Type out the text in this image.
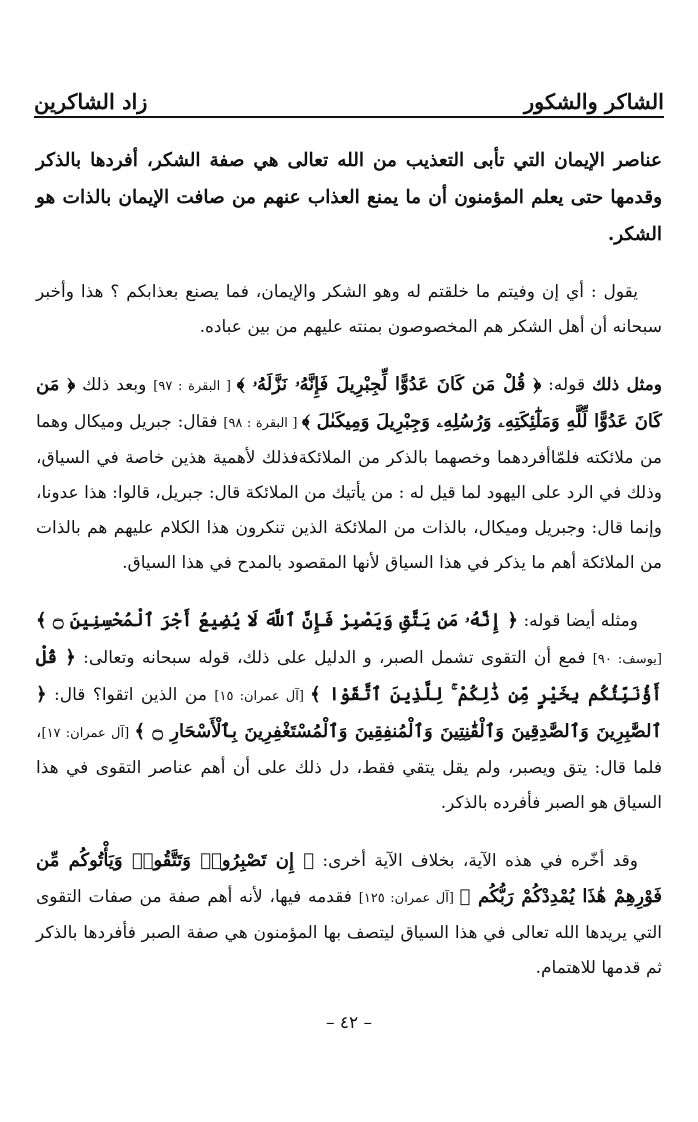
الشاكر والشكور
زاد الشاكرين

عناصر الإيمان التي تأبى التعذيب من الله تعالى هي صفة الشكر، أفردها بالذكر وقدمها حتى يعلم المؤمنون أن ما يمنع العذاب عنهم من صافت الإيمان بالذات هو الشكر.

يقول : أي إن وفيتم ما خلقتم له وهو الشكر والإيمان، فما يصنع بعذابكم ؟ هذا وأخبر سبحانه أن أهل الشكر هم المخصوصون بمنته عليهم من بين عباده.

ومثل ذلك قوله: ﴿ قُلْ مَن كَانَ عَدُوًّا لِّجِبْرِيلَ فَإِنَّهُۥ نَزَّلَهُۥ ﴾ [ البقرة : ٩٧] وبعد ذلك ﴿ مَن كَانَ عَدُوًّا لِّلَّهِ وَمَلَٰٓئِكَتِهِۦ وَرُسُلِهِۦ وَجِبْرِيلَ وَمِيكَىٰلَ ﴾ [ البقرة : ٩٨] فقال: جبريل وميكال وهما من ملائكته فلمّاأفردهما وخصهما بالذكر من الملائكةفذلك لأهمية هذين خاصة في السياق، وذلك في الرد على اليهود لما قيل له : من يأتيك من الملائكة قال: جبريل، قالوا: هذا عدونا، وإنما قال: وجبريل وميكال، بالذات من الملائكة الذين تنكرون هذا الكلام عليهم هم بالذات من الملائكة أهم ما يذكر في هذا السياق لأنها المقصود بالمدح في هذا السياق.

ومثله أيضا قوله: ﴿ إِنَّهُۥ مَن يَتَّقِ وَيَصْبِرْ فَإِنَّ ٱللَّهَ لَا يُضِيعُ أَجْرَ ٱلْمُحْسِنِينَ ۝ ﴾ [يوسف: ٩٠] فمع أن التقوى تشمل الصبر، و الدليل على ذلك، قوله سبحانه وتعالى: ﴿ قُلْ أَؤُنَبِّئُكُم بِخَيْرٍ مِّن ذَٰلِكُمْ ۚ لِلَّذِينَ ٱتَّقَوْا ﴾ [آل عمران: ١٥] من الذين اتقوا؟ قال: ﴿ ٱلصَّٰبِرِينَ وَٱلصَّٰدِقِينَ وَٱلْقَٰنِتِينَ وَٱلْمُنفِقِينَ وَٱلْمُسْتَغْفِرِينَ بِٱلْأَسْحَارِ ۝ ﴾ [آل عمران: ١٧]، فلما قال: يتق ويصبر، ولم يقل يتقي فقط، دل ذلك على أن أهم عناصر التقوى في هذا السياق هو الصبر فأفرده بالذكر.

وقد أخّره في هذه الآية، بخلاف الآية أخرى: ﴿ إِن تَصْبِرُوا۟ وَتَتَّقُوا۟ وَيَأْتُوكُم مِّن فَوْرِهِمْ هَٰذَا يُمْدِدْكُمْ رَبُّكُم ﴾ [آل عمران: ١٢٥] فقدمه فيها، لأنه أهم صفة من صفات التقوى التي يريدها الله تعالى في هذا السياق ليتصف بها المؤمنون هي صفة الصبر فأفردها بالذكر ثم قدمها للاهتمام.

– ٤٢ –
